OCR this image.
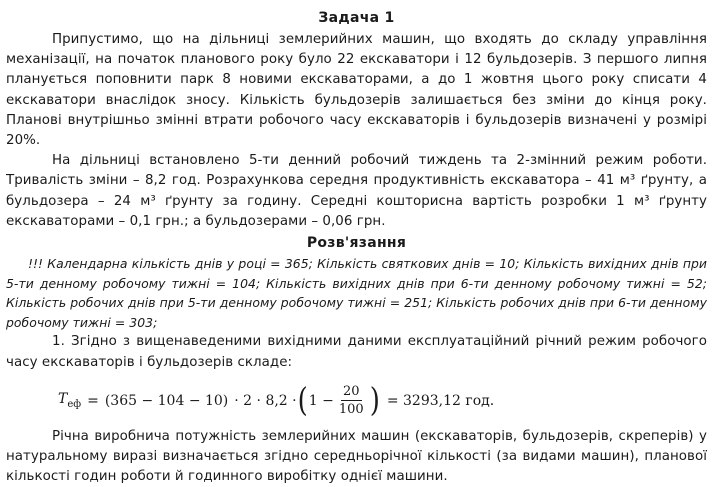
Задача 1

Припустимо, що на дільниці землерийних машин, що входять до складу управління механізації, на початок планового року було 22 екскаватори і 12 бульдозерів. З першого липня планується поповнити парк 8 новими екскаваторами, а до 1 жовтня цього року списати 4 екскаватори внаслідок зносу. Кількість бульдозерів залишається без зміни до кінця року. Планові внутрішньо змінні втрати робочого часу екскаваторів і бульдозерів визначені у розмірі 20%.

На дільниці встановлено 5-ти денний робочий тиждень та 2-змінний режим роботи. Тривалість зміни – 8,2 год. Розрахункова середня продуктивність екскаватора – 41 м³ ґрунту, а бульдозера – 24 м³ ґрунту за годину. Середні кошторисна вартість розробки 1 м³ ґрунту екскаваторами – 0,1 грн.; а бульдозерами – 0,06 грн.

Розв'язання

!!! Календарна кількість днів у році = 365; Кількість святкових днів = 10; Кількість вихідних днів при 5-ти денному робочому тижні = 104; Кількість вихідних днів при 6-ти денному робочому тижні = 52; Кількість робочих днів при 5-ти денному робочому тижні = 251; Кількість робочих днів при 6-ти денному робочому тижні = 303;

1. Згідно з вищенаведеними вихідними даними експлуатаційний річний режим робочого часу екскаваторів і бульдозерів складе:

$T_{еф} = (365 - 104 - 10) \cdot 2 \cdot 8,2$ · ( $1 - \frac{20}{100}$ ) = 3293,12 год.

Річна виробнича потужність землерийних машин (екскаваторів, бульдозерів, скреперів) у натуральному виразі визначається згідно середньорічної кількості (за видами машин), планової кількості годин роботи й годинного виробітку однієї машини.
